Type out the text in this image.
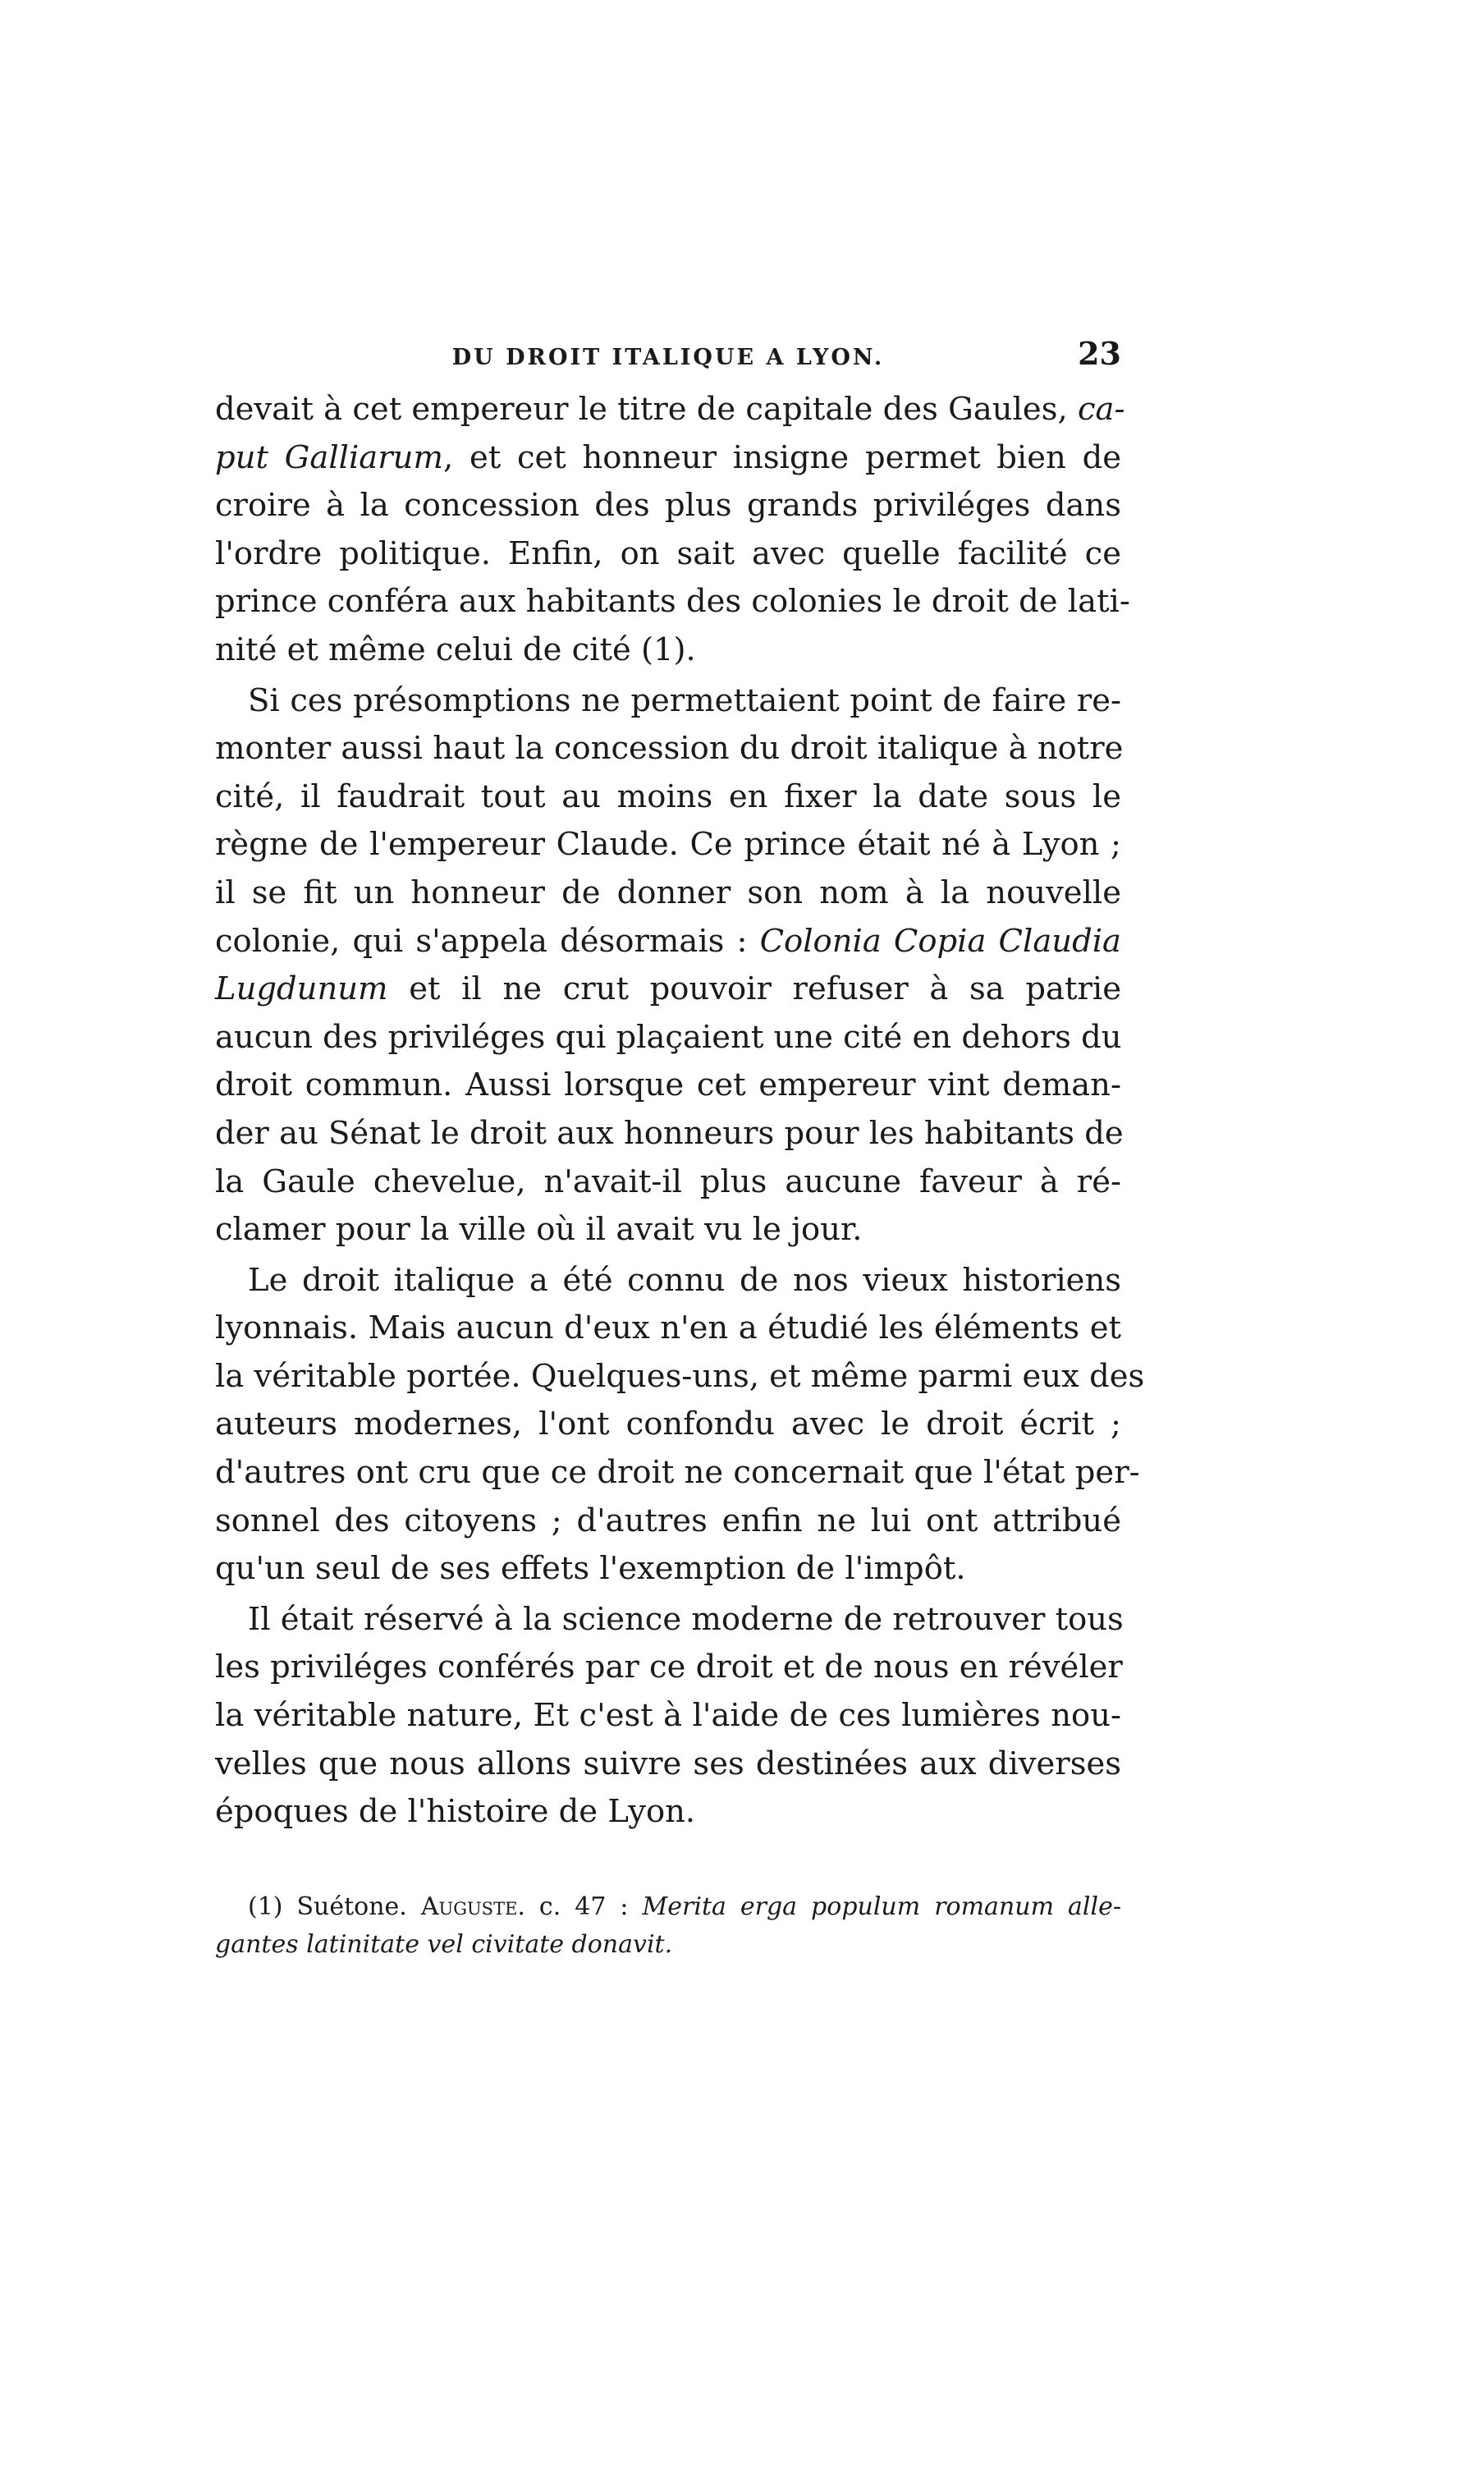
DU DROIT ITALIQUE A LYON.	23
devait à cet empereur le titre de capitale des Gaules, ca-
put Galliarum, et cet honneur insigne permet bien de
croire à la concession des plus grands priviléges dans
l'ordre politique. Enfin, on sait avec quelle facilité ce
prince conféra aux habitants des colonies le droit de lati-
nité et même celui de cité (1).
Si ces présomptions ne permettaient point de faire re-
monter aussi haut la concession du droit italique à notre
cité, il faudrait tout au moins en fixer la date sous le
règne de l'empereur Claude. Ce prince était né à Lyon ;
il se fit un honneur de donner son nom à la nouvelle
colonie, qui s'appela désormais : Colonia Copia Claudia
Lugdunum et il ne crut pouvoir refuser à sa patrie
aucun des priviléges qui plaçaient une cité en dehors du
droit commun. Aussi lorsque cet empereur vint deman-
der au Sénat le droit aux honneurs pour les habitants de
la Gaule chevelue, n'avait-il plus aucune faveur à ré-
clamer pour la ville où il avait vu le jour.
Le droit italique a été connu de nos vieux historiens
lyonnais. Mais aucun d'eux n'en a étudié les éléments et
la véritable portée. Quelques-uns, et même parmi eux des
auteurs modernes, l'ont confondu avec le droit écrit ;
d'autres ont cru que ce droit ne concernait que l'état per-
sonnel des citoyens ; d'autres enfin ne lui ont attribué
qu'un seul de ses effets l'exemption de l'impôt.
Il était réservé à la science moderne de retrouver tous
les priviléges conférés par ce droit et de nous en révéler
la véritable nature, Et c'est à l'aide de ces lumières nou-
velles que nous allons suivre ses destinées aux diverses
époques de l'histoire de Lyon.
(1) Suétone. Auguste. c. 47 : Merita erga populum romanum alle-
gantes latinitate vel civitate donavit.
